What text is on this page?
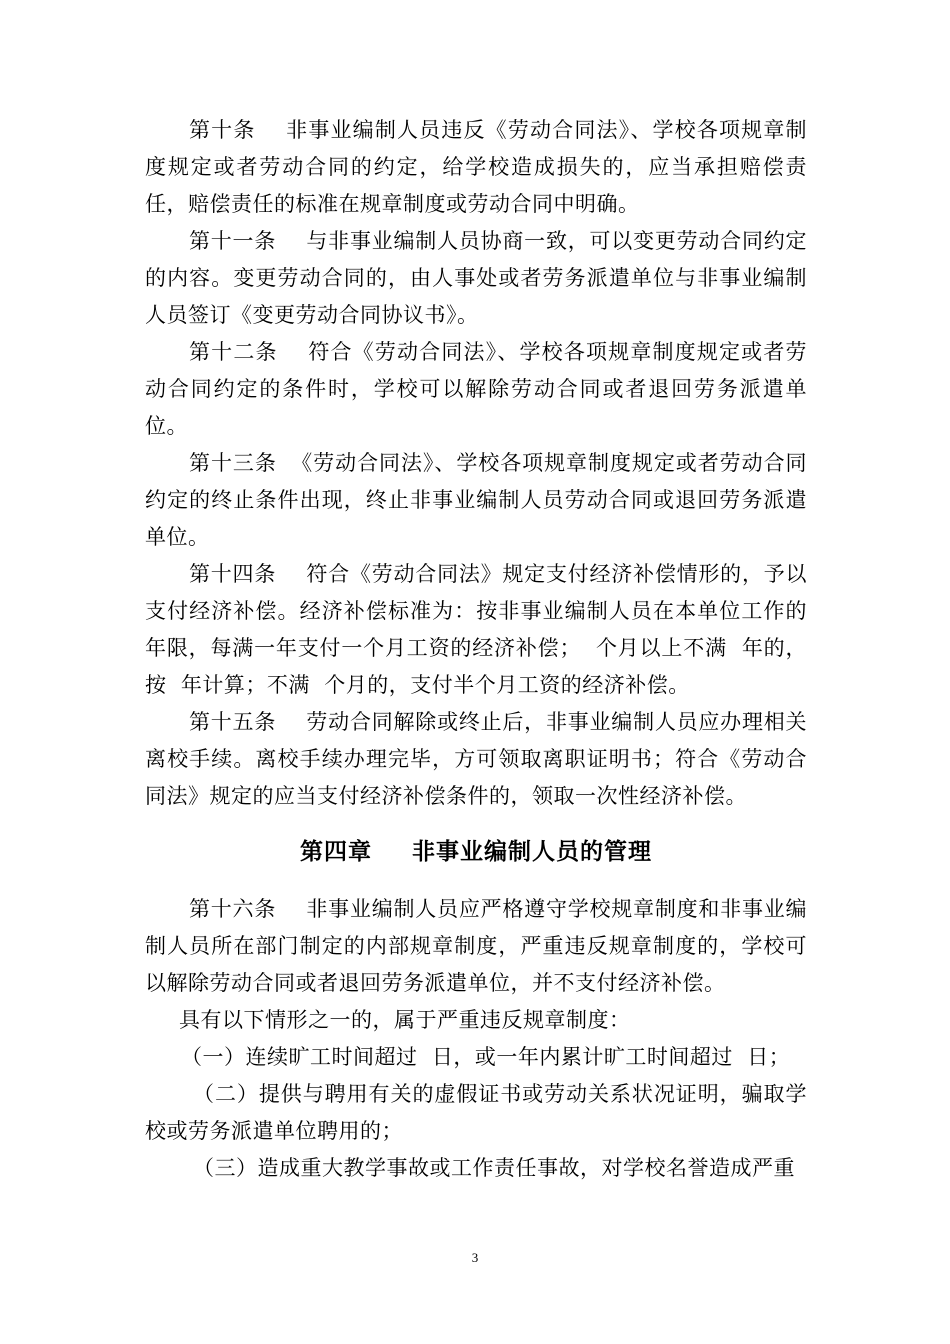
第十条 非事业编制人员违反《劳动合同法》、学校各项规章制度规定或者劳动合同的约定，给学校造成损失的，应当承担赔偿责任，赔偿责任的标准在规章制度或劳动合同中明确。

第十一条 与非事业编制人员协商一致，可以变更劳动合同约定的内容。变更劳动合同的，由人事处或者劳务派遣单位与非事业编制人员签订《变更劳动合同协议书》。

第十二条 符合《劳动合同法》、学校各项规章制度规定或者劳动合同约定的条件时，学校可以解除劳动合同或者退回劳务派遣单位。

第十三条 《劳动合同法》、学校各项规章制度规定或者劳动合同约定的终止条件出现，终止非事业编制人员劳动合同或退回劳务派遣单位。

第十四条 符合《劳动合同法》规定支付经济补偿情形的，予以支付经济补偿。经济补偿标准为：按非事业编制人员在本单位工作的年限，每满一年支付一个月工资的经济补偿；  个月以上不满  年的，按  年计算；不满  个月的，支付半个月工资的经济补偿。

第十五条 劳动合同解除或终止后，非事业编制人员应办理相关离校手续。离校手续办理完毕，方可领取离职证明书；符合《劳动合同法》规定的应当支付经济补偿条件的，领取一次性经济补偿。

第四章 非事业编制人员的管理

第十六条 非事业编制人员应严格遵守学校规章制度和非事业编制人员所在部门制定的内部规章制度，严重违反规章制度的，学校可以解除劳动合同或者退回劳务派遣单位，并不支付经济补偿。

具有以下情形之一的，属于严重违反规章制度：

（一）连续旷工时间超过  日，或一年内累计旷工时间超过  日；

（二）提供与聘用有关的虚假证书或劳动关系状况证明，骗取学校或劳务派遣单位聘用的；

（三）造成重大教学事故或工作责任事故，对学校名誉造成严重

3
